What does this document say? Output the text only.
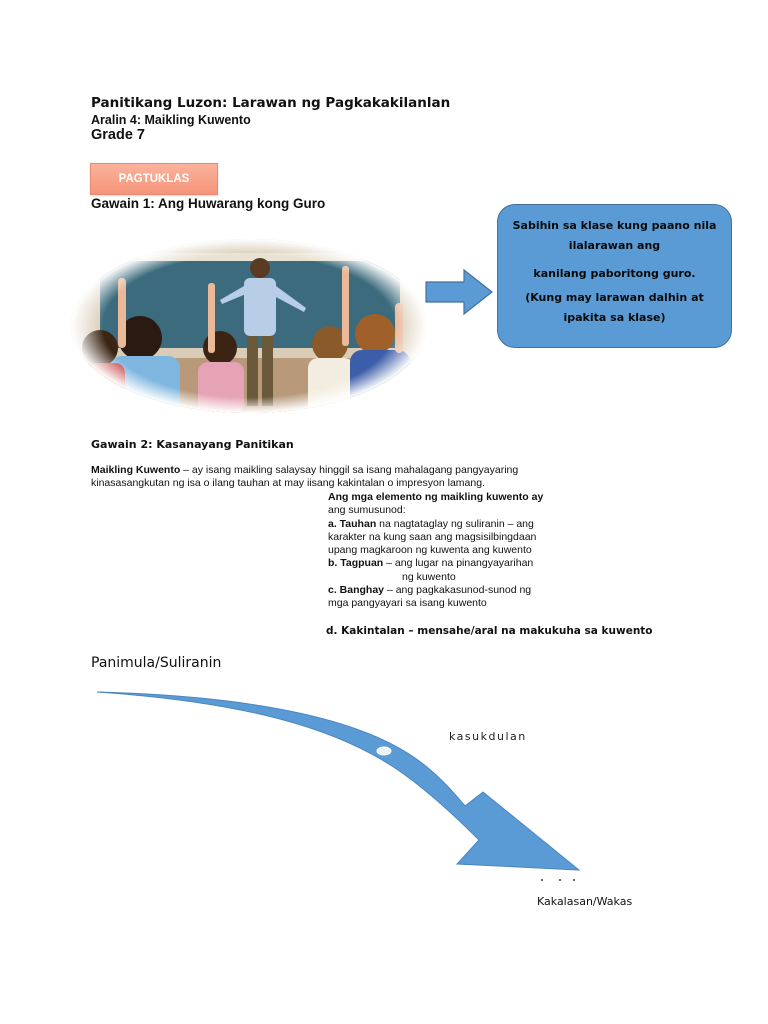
Panitikang Luzon: Larawan ng Pagkakakilanlan
Aralin 4: Maikling Kuwento
Grade 7
PAGTUKLAS
Gawain 1: Ang Huwarang kong Guro
Sabihin sa klase kung paano nila
ilalarawan ang
kanilang paboritong guro.
(Kung may larawan dalhin at
ipakita sa klase)
Gawain 2: Kasanayang Panitikan
Maikling Kuwento – ay isang maikling salaysay hinggil sa isang mahalagang pangyayaring
kinasasangkutan ng isa o ilang tauhan at may iisang kakintalan o impresyon lamang.
Ang mga elemento ng maikling kuwento ay
ang sumusunod:
a. Tauhan na nagtataglay ng suliranin – ang
karakter na kung saan ang magsisilbingdaan
upang magkaroon ng kuwenta ang kuwento
b. Tagpuan – ang lugar na pinangyayarihan
ng kuwento
c. Banghay – ang pagkakasunod-sunod ng
mga pangyayari sa isang kuwento
d. Kakintalan – mensahe/aral na makukuha sa kuwento
Panimula/Suliranin
kasukdulan
Kakalasan/Wakas
